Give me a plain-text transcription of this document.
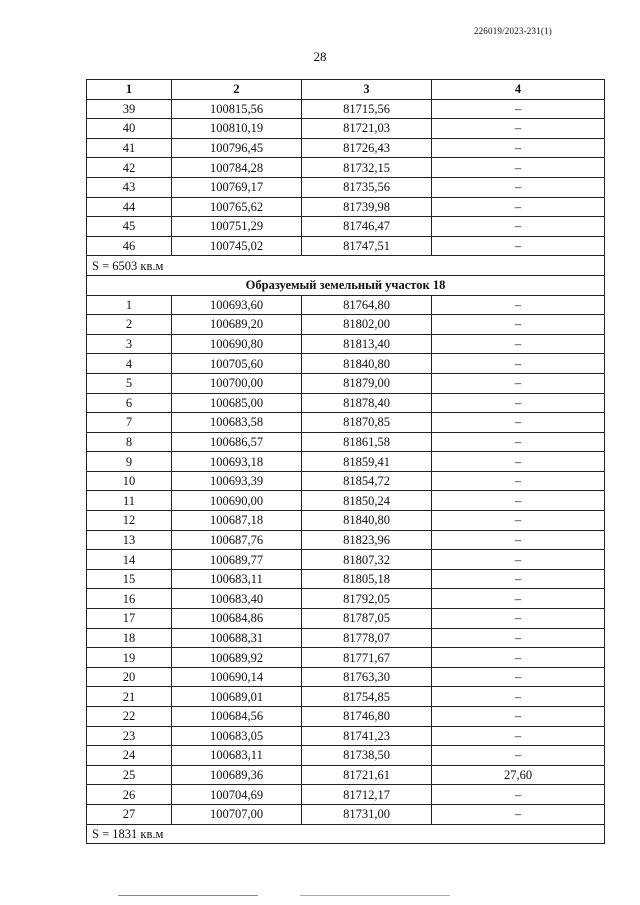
226019/2023-231(1)
28
1	2	3	4
39	100815,56	81715,56	–
40	100810,19	81721,03	–
41	100796,45	81726,43	–
42	100784,28	81732,15	–
43	100769,17	81735,56	–
44	100765,62	81739,98	–
45	100751,29	81746,47	–
46	100745,02	81747,51	–
S = 6503 кв.м			
Образуемый земельный участок 18			
1	100693,60	81764,80	–
2	100689,20	81802,00	–
3	100690,80	81813,40	–
4	100705,60	81840,80	–
5	100700,00	81879,00	–
6	100685,00	81878,40	–
7	100683,58	81870,85	–
8	100686,57	81861,58	–
9	100693,18	81859,41	–
10	100693,39	81854,72	–
11	100690,00	81850,24	–
12	100687,18	81840,80	–
13	100687,76	81823,96	–
14	100689,77	81807,32	–
15	100683,11	81805,18	–
16	100683,40	81792,05	–
17	100684,86	81787,05	–
18	100688,31	81778,07	–
19	100689,92	81771,67	–
20	100690,14	81763,30	–
21	100689,01	81754,85	–
22	100684,56	81746,80	–
23	100683,05	81741,23	–
24	100683,11	81738,50	–
25	100689,36	81721,61	27,60
26	100704,69	81712,17	–
27	100707,00	81731,00	–
S = 1831 кв.м			
